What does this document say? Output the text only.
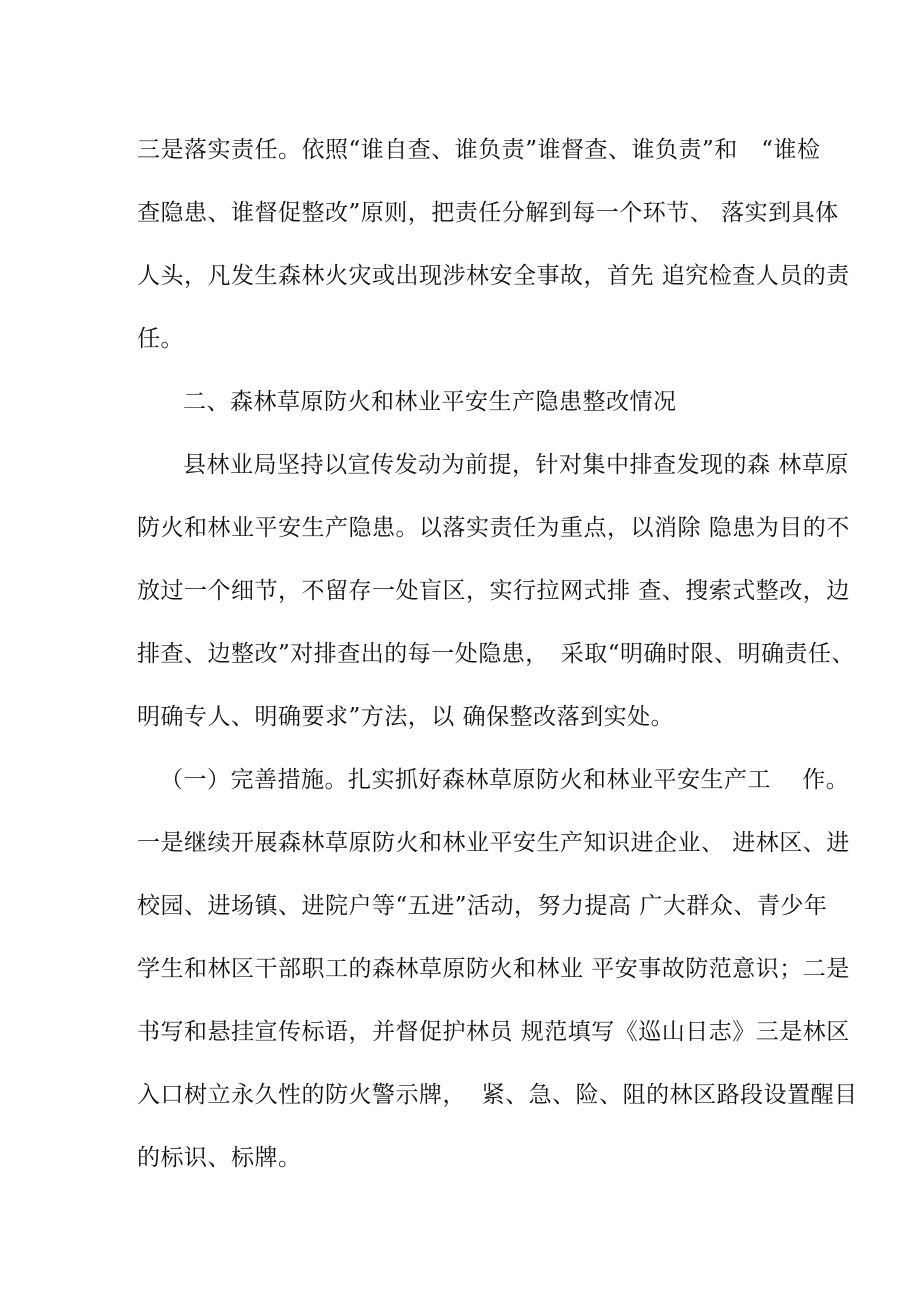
三是落实责任。依照“谁自查、谁负责”谁督查、谁负责”和　“谁检
查隐患、谁督促整改”原则，把责任分解到每一个环节、 落实到具体
人头，凡发生森林火灾或出现涉林安全事故，首先 追究检查人员的责
任。
二、森林草原防火和林业平安生产隐患整改情况
县林业局坚持以宣传发动为前提，针对集中排查发现的森 林草原
防火和林业平安生产隐患。以落实责任为重点，以消除 隐患为目的不
放过一个细节，不留存一处盲区，实行拉网式排 查、搜索式整改，边
排查、边整改”对排查出的每一处隐患，　采取“明确时限、明确责任、
明确专人、明确要求”方法，以 确保整改落到实处。
（一）完善措施。扎实抓好森林草原防火和林业平安生产工　 作。
一是继续开展森林草原防火和林业平安生产知识进企业、 进林区、进
校园、进场镇、进院户等“五进”活动，努力提高 广大群众、青少年
学生和林区干部职工的森林草原防火和林业 平安事故防范意识；二是
书写和悬挂宣传标语，并督促护林员 规范填写《巡山日志》三是林区
入口树立永久性的防火警示牌，  紧、急、险、阻的林区路段设置醒目
的标识、标牌。
